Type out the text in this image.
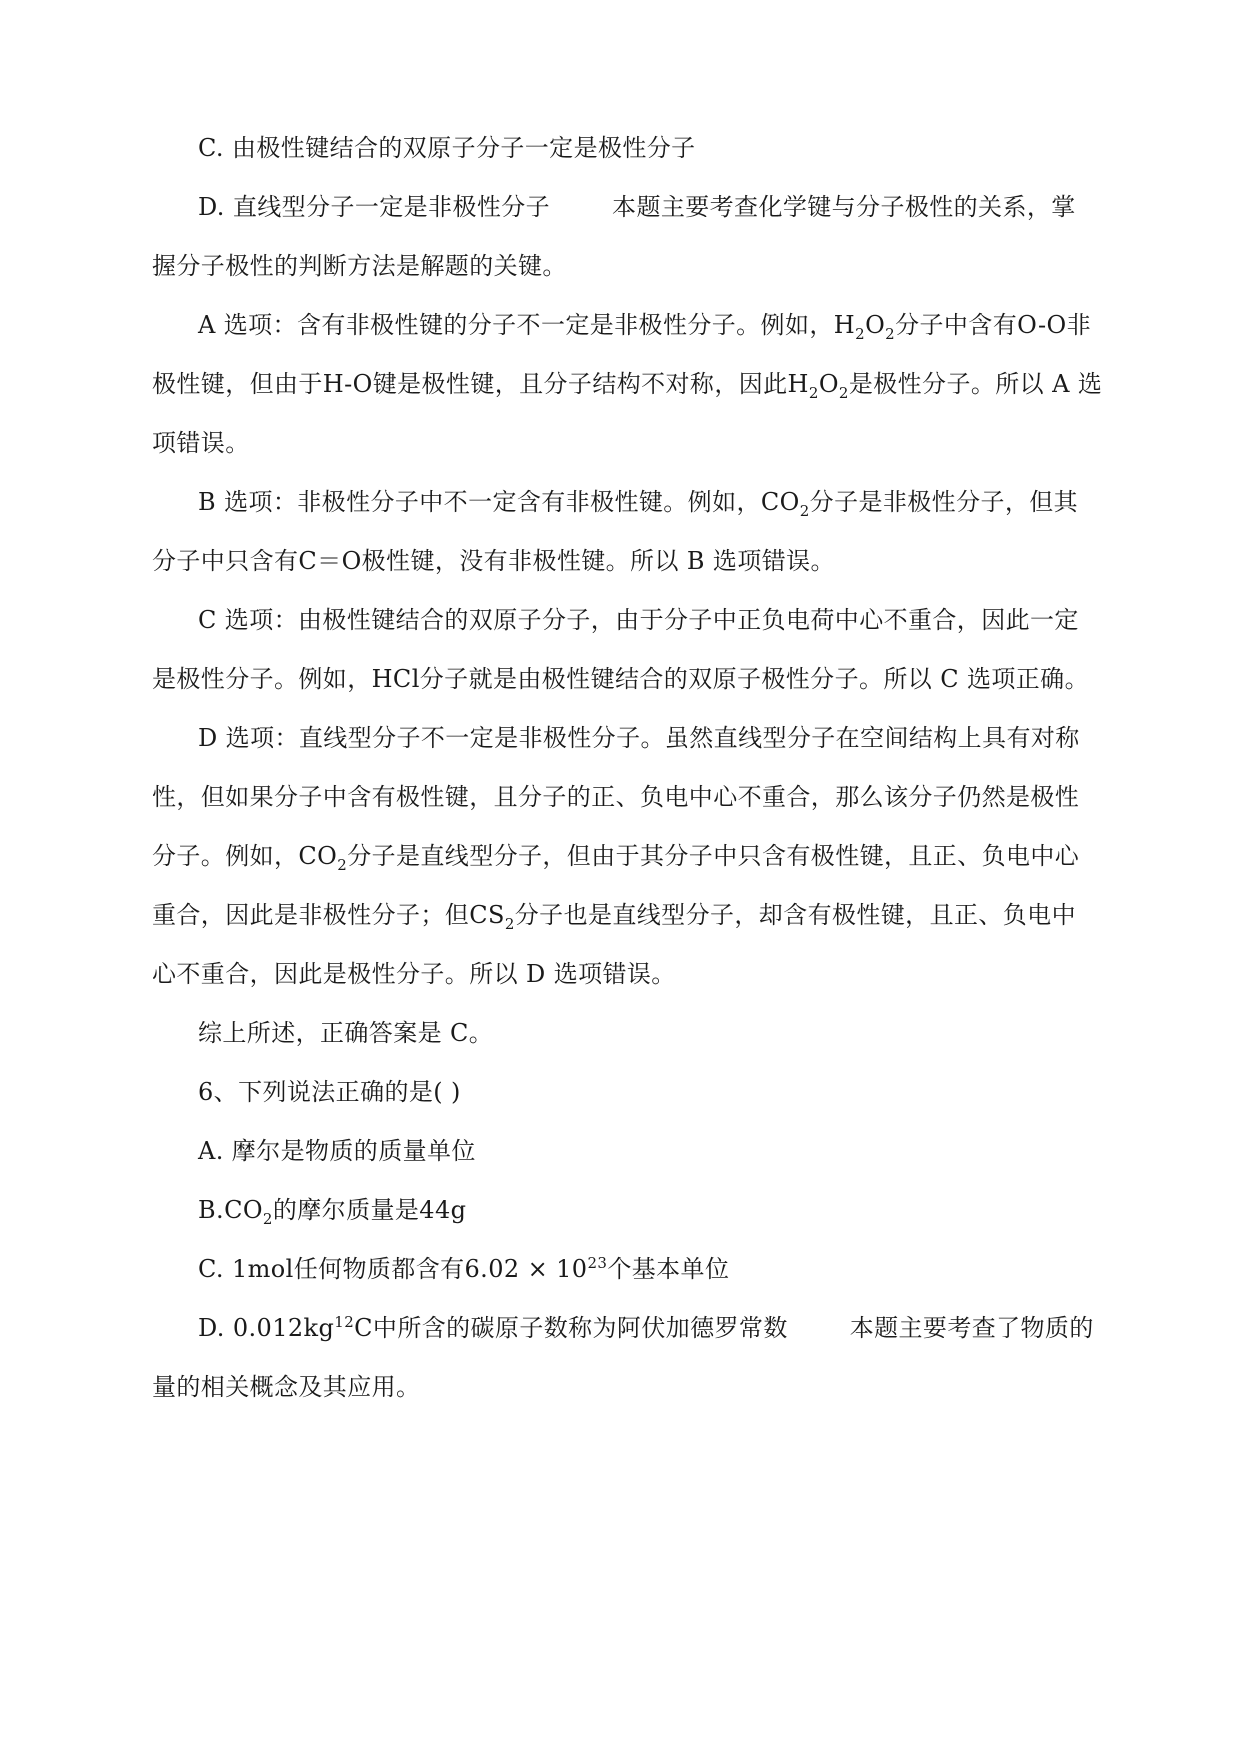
C. 由极性键结合的双原子分子一定是极性分子
D. 直线型分子一定是非极性分子	本题主要考查化学键与分子极性的关系，掌
握分子极性的判断方法是解题的关键。
A 选项：含有非极性键的分子不一定是非极性分子。例如，$H_2O_2$分子中含有O-O非
极性键，但由于H-O键是极性键，且分子结构不对称，因此$H_2O_2$是极性分子。所以 A 选
项错误。
B 选项：非极性分子中不一定含有非极性键。例如，$CO_2$分子是非极性分子，但其
分子中只含有C＝O极性键，没有非极性键。所以 B 选项错误。
C 选项：由极性键结合的双原子分子，由于分子中正负电荷中心不重合，因此一定
是极性分子。例如，HCl分子就是由极性键结合的双原子极性分子。所以 C 选项正确。
D 选项：直线型分子不一定是非极性分子。虽然直线型分子在空间结构上具有对称
性，但如果分子中含有极性键，且分子的正、负电中心不重合，那么该分子仍然是极性
分子。例如，$CO_2$分子是直线型分子，但由于其分子中只含有极性键，且正、负电中心
重合，因此是非极性分子；但$CS_2$分子也是直线型分子，却含有极性键，且正、负电中
心不重合，因此是极性分子。所以 D 选项错误。
综上所述，正确答案是 C。
6、下列说法正确的是( )
A. 摩尔是物质的质量单位
$B.CO_2$的摩尔质量是44g
C. 1mol任何物质都含有$6.02 \times 10^{23}$个基本单位
D. $0.012kg^{12}C$中所含的碳原子数称为阿伏加德罗常数	本题主要考查了物质的
量的相关概念及其应用。
